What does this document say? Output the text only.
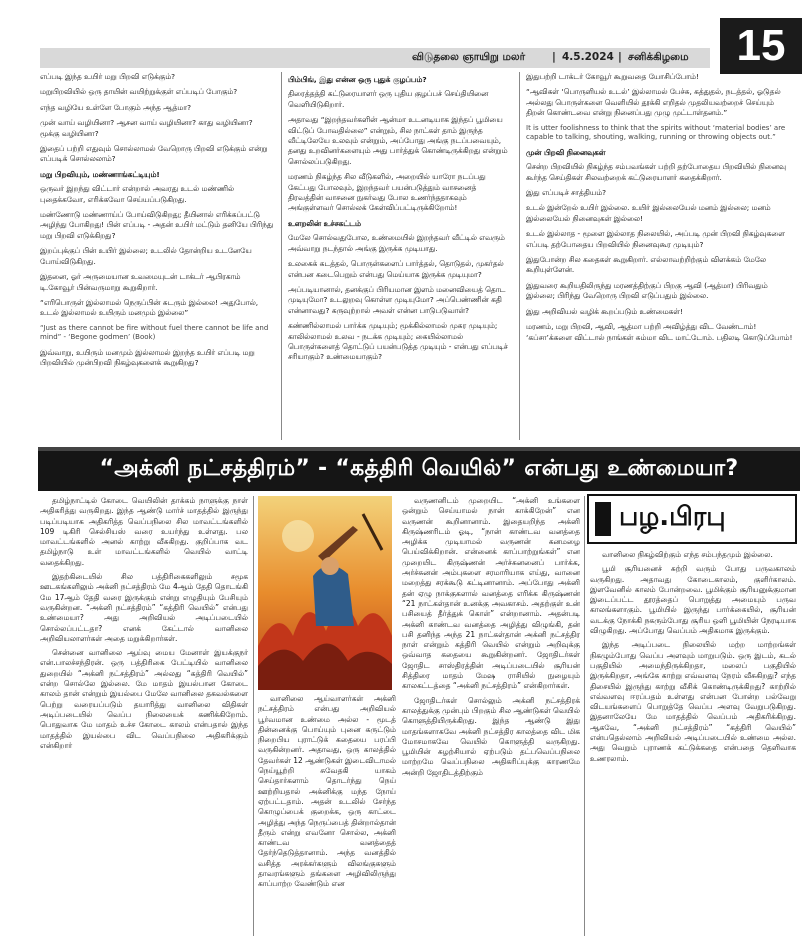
விடுதலை ஞாயிறு மலர்	| 4.5.2024 | சனிக்கிழமை	15

எப்படி இந்த உயிர் மறு பிறவி எடுக்கும்?

மறுபிறவியில் ஒரு தாயின் வயிற்றுக்குள் எப்படிப் போகும்?

எந்த வழியே உள்ளே போகும் அந்த ஆத்மா?

முன் வாய் வழியினா? ஆசன வாய் வழியினா? காது வழியினா? மூக்கு வழியினா?

இதைப் பற்றி எதுவும் சொல்லாமல் வேறொரு பிறவி எடுக்கும் என்று எப்படிக் சொல்லலாம்?

மறு பிறவியும், மண்ணாங்கட்டியும்!

ஒருவர் இறந்து விட்டார் என்றால் அவரது உடல் மண்ணில் புதைக்கவோ, எரிக்கவோ செய்யப்படுகிறது.

மண்ணோடு மண்ணாய்ப் போய்விடுகிறது; தீயினால் எரிக்கப்பட்டு அழிந்து போகிறது! பின் எப்படி - அதன் உயிர் மட்டும் தனியே பிரிந்து மறு பிறவி எடுக்கிறது?

இறப்புக்குப் பின் உயிர் இல்லை; உடலில் தோன்றிய உடனேயே போய்விடுகிறது.

இதனை, ஓர் அருமையான உவமையுடன் டாக்டர் ஆபிரகாம் டி.கோவூர் பின்வருமாறு கூறுகிறார்.

“எரிபொருள் இல்லாமல் நெருப்பின் சுடரும் இல்லை! அதுபோல், உடல் இல்லாமல் உயிரும் மனமும் இல்லை”

“Just as there cannot be fire without fuel there cannot be life and mind” - ‘Begone godmen’ (Book)

இவ்வாறு, உயிரும் மனமும் இல்லாமல் இறந்த உயிர் எப்படி மறு பிறவியில் முன்பிறவி நிகழ்வுகளைக் கூறுகிறது?

பிம்பிங், இது என்ன ஒரு புதுக் குழப்பம்?

திரைத்தத்தி கட்டுரையாளர் ஒரு புதிய குழப்பச் செய்தியினை வெளியிடுகிறார்.

அதாவது “இறந்தவர்களின் ஆன்மா உடனடியாக இந்தப் பூமியை விட்டுப் போவதில்லை” என்றும், சில நாட்கள் தாம் இருந்த வீட்டிலேயே உலவும் என்றும், அப்போது அங்கு நடப்பவையும், தனது உறவினர்களையும் அது பார்த்துக் கொண்டிருக்கிறது என்றும் சொல்லப்படுகிறது.

மரணம் நிகழ்ந்த சில வீடுகளில், அறையில் யாரோ நடப்பது கேட்பது போலவும், இறந்தவர் பயன்படுத்தும் வாசனைத் திரவத்தின் வாசனை நுகர்வது போல உணர்ந்ததாகவும் அங்குள்ளவர் சொல்லக் கேள்விப்பட்டிருக்கிறோம்!

உளறலின் உச்சகட்டம்

மேலே சொல்வதுபோல, உண்மையில் இறந்தவர் வீட்டில் எவரும் அவ்வாறு நடந்தால் அங்கு இருக்க முடியாது.

உலகைக் கடத்தல், பொருள்களைப் பார்த்தல், தொடுதல், முகர்தல் என்பன கடைபெறும் என்பது மெய்யாக இருக்க முடியுமா?

அப்படியானால், தனக்குப் பிரியமான இளம் மனைவியைத் தொட முடியுமோ? உடலுறவு கொள்ள முடியுமோ? அப்பெண்ணின் கதி என்னாவது? கருவுற்றால் அவள் என்ன பாடுபடுவாள்?

கண்ணில்லாமல் பார்க்க முடியும்; மூக்கில்லாமல் முகர முடியும்; காலில்லாமல் உலவ - நடக்க முடியும்; கையில்லாமல் பொருள்களைத் தொட்டுப் பயன்படுத்த முடியும் - என்பது எப்படிச் சரியாகும்? உண்மையாகும்?

இதுபற்றி டாக்டர் கோவூர் கூறுவதை யோசிப்போம்!

“ஆவிகள் ‘பொருளியல் உடல்’ இல்லாமல் பேச்சு, கத்துதல், நடத்தல், ஓடுதல் அல்லது பொருள்களை வெளியில் தூக்கி எறிதல் முதலியவற்றைச் செய்யும் திறன் கொண்டவை என்று நினைப்பது முழு முட்டாள்தனம்.”

It is utter foolishness to think that the spirits without ‘material bodies’ are capable to talking, shouting, walking, running or throwing objects out.”

முன் பிறவி நினைவுகள்

சென்ற பிறவியில் நிகழ்ந்த சம்பவங்கள் பற்றி தற்போதைய பிறவியில் நினைவு கூர்ந்த செய்திகள் சிலவற்றைக் கட்டுரையாளர் கதைக்கிறார்.

இது எப்படிச் சாத்தியம்?

உடல் இன்றேல் உயிர் இல்லை. உயிர் இல்லையேல் மனம் இல்லை; மனம் இல்லையேல் நினைவுகள் இல்லை!

உடல் இல்லாத - மூளை இல்லாத நிலையில், அப்படி முன் பிறவி நிகழ்வுகளை எப்படி தற்போதைய பிறவியில் நினைவுகூர முடியும்?

இதுபோன்ற சில கதைகள் கூறுகிறார். எல்லாவற்றிற்கும் விளக்கம் மேலே கூறியுள்ளேன்.

இதுவரை கூறியதிலிருந்து மரணத்திற்குப் பிறகு ஆவி (ஆத்மா) பிரிவதும் இல்லை; பிரிந்து வேறொரு பிறவி எடுப்பதும் இல்லை.

இது அறிவியல் வழிக் கூறப்படும் உண்மைகள்!

மரணம், மறு பிறவி, ஆவி, ஆத்மா பற்றி அவிழ்த்து விட வேண்டாம்! ‘கப்சா’க்களை விட்டால் நாங்கள் சும்மா விட மாட்டோம். பதிலடி கொடுப்போம்!

“அக்னி நட்சத்திரம்” - “கத்திரி வெயில்” என்பது உண்மையா?

தமிழ்நாட்டில் கோடை வெயிலின் தாக்கம் நாளுக்கு நாள் அதிகரித்து வருகிறது. இந்த ஆண்டு மார்ச் மாதத்தில் இருந்து படிப்படியாக அதிகரித்த வெப்பநிலை சில மாவட்டங்களில் 109 டிகிரி செல்சியஸ் வரை உயர்ந்து உள்ளது. பல மாவட்டங்களில் அனல் காற்று வீசுகிறது. குறிப்பாக வட தமிழ்நாடு உள் மாவட்டங்களில் வெயில் வாட்டி வதைக்கிறது.

இதற்கிடையில் சில பத்திரிகைகளிலும் சமூக ஊடகங்களிலும் அக்னி நட்சத்திரம் மே 4ஆம் தேதி தொடங்கி மே 17ஆம் தேதி வரை இருக்கும் என்று எழுதியும் பேசியும் வருகின்றன. “அக்னி நட்சத்திரம்” “கத்திரி வெயில்” என்பது உண்மையா? அது அறிவியல் அடிப்படையில் சொல்லப்பட்டதா? எனக் கேட்டால் வானிலை அறிவியலாளர்கள் அதை மறுக்கிறார்கள்.

சென்னை வானிலை ஆய்வு மைய மேனாள் இயக்குநர் என்.பாலச்சந்திரன். ஒரு பத்திரிகை பேட்டியில் வானிலை துறையில் “அக்னி நட்சத்திரம்” அல்லது “கத்திரி வெயில்” என்ற சொல்லே இல்லை. மே மாதம் இயல்பான கோடை காலம் தான் என்றும் இயல்பை மேலே வானிலை தகவல்களை பெற்று வரையப்படும் தயாரித்து வானிலை விதிகள் அடிப்படையில் வெப்ப நிலையைக் கணிக்கிறோம். பொதுவாக மே மாதம் உச்ச கோடை காலம் என்பதால் இந்த மாதத்தில் இயல்பை விட வெப்பநிலை அதிகரிக்கும் என்கிறார்

வானிலை ஆய்வாளர்கள் அக்னி நட்சத்திரம் என்பது அறிவியல் பூர்வமான உண்மை அல்ல - மூடத் தின்னைக்கு பொய்யும் புனை கருட்டும் நிறைபிய புராட்டுக் கதையை பரப்பி வருகின்றனர். அதாவது, ஒரு காலத்தில் தேவர்கள் 12 ஆண்டுகள் இடைவிடாமல் நெய்யூற்றி சுவேதகி யாகம் செய்தார்களாம் தொடர்ந்து நெய் ஊற்றியதால் அக்னிக்கு மந்த நோய் ஏற்பட்டதாம். அதன் உடலில் சேர்ந்த கொழுப்பைக் குறைக்க, ஒரு காட்டை அழித்து அந்த நெருப்பைத் தின்றால்தான் தீரும் என்று எவனோ சொல்ல, அக்னி காண்டவ வனத்தைத் தேர்ந்தெடுத்தானாம். அந்த வனத்தில் வசித்த அரக்கர்களும் விலங்குகளும் தாவரங்களும் தங்களை அழிவிலிருந்து காப்பாற்ற வேண்டும் என

வருணனிடம் முறையிட “அக்னி உங்களை ஒன்றும் செய்யாமல் நான் காக்கிறேன்” என வருணன் கூறினானாம். இதையறிந்த அக்னி கிருஷ்ணரிடம் ஓடி, “நான் காண்டவ வனத்தை அழிக்க முடியாமல் வருணன் கனமழை பெய்விக்கிறான். என்னைக் காப்பாற்றுங்கள்” என முறையிட கிருஷ்ணன் அர்ச்சுனனைப் பார்க்க, அர்ச்சுனன் அம்புகளை சரமாரியாக எய்து, வானை மறைத்து சரக்கூடு கட்டினானாம். அப்போது அக்னி தன் ஏழு நாக்குகளால் வனத்தை எரிக்க கிருஷ்ணன் “21 நாட்கள்தான் உனக்கு அவகாசம். அதற்குள் உன் பசியைத் தீர்த்துக் கொள்” என்றானாம். அதன்படி அக்னி காண்டவ வனத்தை அழித்து விழுங்கி, தன் பசி தனிந்த அந்த 21 நாட்கள்தான் அக்னி நட்சத்திர நாள் என்றும் கத்திரி வெயில் என்றும் அறிவுக்கு ஒவ்வாத கதையை கூறுகின்றனர். ஜோதிடர்கள் ஜோதிட சாஸ்திரத்தின் அடிப்படையில் சூரியன் சித்திரை மாதம் மேஷ ராசியில் நுழையும் காலகட்டத்தை “அக்னி நட்சத்திரம்” என்கிறார்கள்.

ஜோதிடர்கள் சொல்லும் அக்னி நட்சத்திரக் காலத்துக்கு முன்பும் பிறகும் சில ஆண்டுகள் வெயில் கொளுத்தியிருக்கிறது. இந்த ஆண்டு இது மாதங்களாகவே அக்னி நட்சத்திர காலத்தை விட மிக மோசமாகவே வெயில் கொளுத்தி வருகிறது. பூமியின் சுழற்சியால் ஏற்படும் தட்பவெப்பநிலை மாற்றமே வெப்பநிலை அதிகரிப்புக்கு காரணமே அன்றி ஜோதிடத்திற்கும்

பழ.பிரபு

வானிலை நிகழ்விற்கும் எந்த சம்பந்தமும் இல்லை.

பூமி சூரியனைச் சுற்றி வரும் போது பருவகாலம் வருகிறது. அதாவது கோடைகாலம், குளிர்காலம். இளவேனில் காலம் போன்றவை. பூமிக்கும் சூரியனுக்குமான இடைப்பட்ட தூரத்தைப் பொறுத்து அமையும் பருவ காலங்களாகும். பூமியில் இருந்து பார்க்கையில், சூரியன் வடக்கு நோக்கி நகரும்போது சூரிய ஒளி பூமியின் நேரடியாக விழுகிறது. அப்போது வெப்பம் அதிகமாக இருக்கும்.

இந்த அடிப்படை நிலையில் மற்ற மாற்றங்கள் நிகழும்போது வெப்ப அளவும் மாறுபடும். ஒரு இடம், கடல் பகுதியில் அமைந்திருக்கிறதா, மலைப் பகுதியில் இருக்கிறதா, அங்கே காற்று எவ்வளவு நேரம் வீசுகிறது? எந்த திசையில் இருந்து காற்று வீசிக் கொண்டிருக்கிறது? காற்றில் எவ்வளவு ஈரப்பதம் உள்ளது என்பன போன்ற பல்வேறு விடயங்களைப் பொறுத்தே வெப்ப அளவு வேறுபடுகிறது. இதனாலேயே மே மாதத்தில் வெப்பம் அதிகரிக்கிறது. ஆகவே, “அக்னி நட்சத்திரம்” “கத்திரி வெயில்” என்பதெல்லாம் அறிவியல் அடிப்படையில் உண்மை அல்ல. அது வெறும் புராணக் கட்டுக்கதை என்பதை தெளிவாக உணரலாம்.
